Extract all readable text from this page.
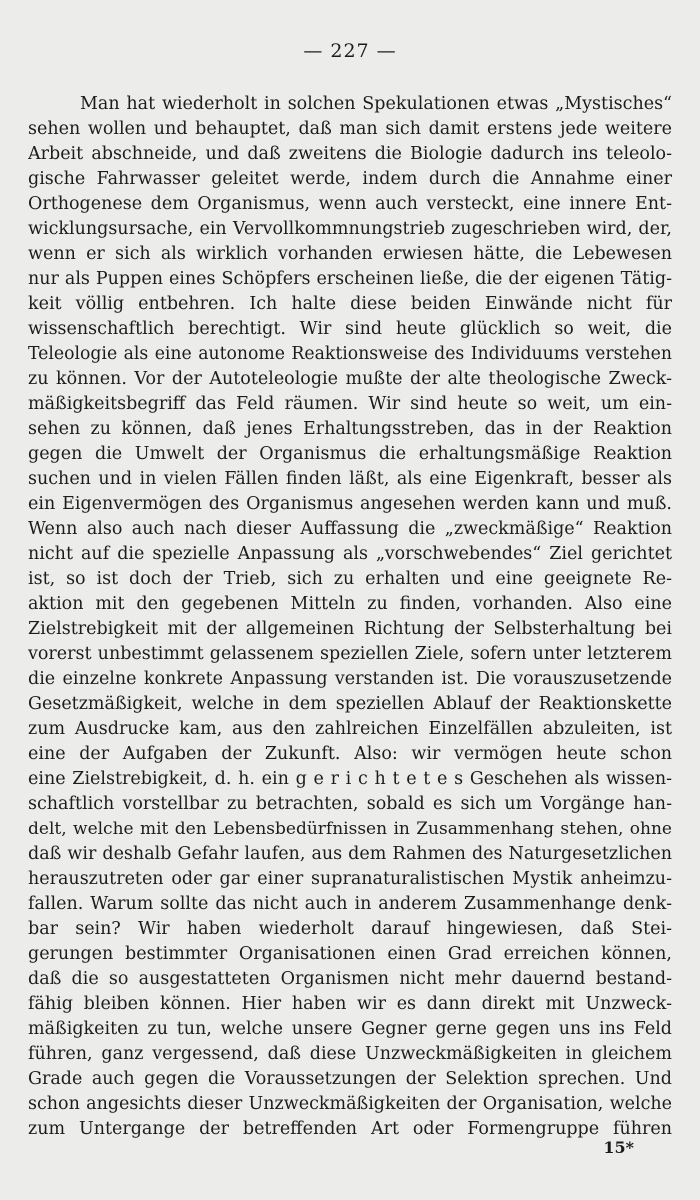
— 227 —
Man hat wiederholt in solchen Spekulationen etwas „Mystisches“
sehen wollen und behauptet, daß man sich damit erstens jede weitere
Arbeit abschneide, und daß zweitens die Biologie dadurch ins teleolo-
gische Fahrwasser geleitet werde, indem durch die Annahme einer
Orthogenese dem Organismus, wenn auch versteckt, eine innere Ent-
wicklungsursache, ein Vervollkommnungstrieb zugeschrieben wird, der,
wenn er sich als wirklich vorhanden erwiesen hätte, die Lebewesen
nur als Puppen eines Schöpfers erscheinen ließe, die der eigenen Tätig-
keit völlig entbehren. Ich halte diese beiden Einwände nicht für
wissenschaftlich berechtigt. Wir sind heute glücklich so weit, die
Teleologie als eine autonome Reaktionsweise des Individuums verstehen
zu können. Vor der Autoteleologie mußte der alte theologische Zweck-
mäßigkeitsbegriff das Feld räumen. Wir sind heute so weit, um ein-
sehen zu können, daß jenes Erhaltungsstreben, das in der Reaktion
gegen die Umwelt der Organismus die erhaltungsmäßige Reaktion
suchen und in vielen Fällen finden läßt, als eine Eigenkraft, besser als
ein Eigenvermögen des Organismus angesehen werden kann und muß.
Wenn also auch nach dieser Auffassung die „zweckmäßige“ Reaktion
nicht auf die spezielle Anpassung als „vorschwebendes“ Ziel gerichtet
ist, so ist doch der Trieb, sich zu erhalten und eine geeignete Re-
aktion mit den gegebenen Mitteln zu finden, vorhanden. Also eine
Zielstrebigkeit mit der allgemeinen Richtung der Selbsterhaltung bei
vorerst unbestimmt gelassenem speziellen Ziele, sofern unter letzterem
die einzelne konkrete Anpassung verstanden ist. Die vorauszusetzende
Gesetzmäßigkeit, welche in dem speziellen Ablauf der Reaktionskette
zum Ausdrucke kam, aus den zahlreichen Einzelfällen abzuleiten, ist
eine der Aufgaben der Zukunft. Also: wir vermögen heute schon
eine Zielstrebigkeit, d. h. ein g e r i c h t e t e s Geschehen als wissen-
schaftlich vorstellbar zu betrachten, sobald es sich um Vorgänge han-
delt, welche mit den Lebensbedürfnissen in Zusammenhang stehen, ohne
daß wir deshalb Gefahr laufen, aus dem Rahmen des Naturgesetzlichen
herauszutreten oder gar einer supranaturalistischen Mystik anheimzu-
fallen. Warum sollte das nicht auch in anderem Zusammenhange denk-
bar sein? Wir haben wiederholt darauf hingewiesen, daß Stei-
gerungen bestimmter Organisationen einen Grad erreichen können,
daß die so ausgestatteten Organismen nicht mehr dauernd bestand-
fähig bleiben können. Hier haben wir es dann direkt mit Unzweck-
mäßigkeiten zu tun, welche unsere Gegner gerne gegen uns ins Feld
führen, ganz vergessend, daß diese Unzweckmäßigkeiten in gleichem
Grade auch gegen die Voraussetzungen der Selektion sprechen. Und
schon angesichts dieser Unzweckmäßigkeiten der Organisation, welche
zum Untergange der betreffenden Art oder Formengruppe führen
15*
